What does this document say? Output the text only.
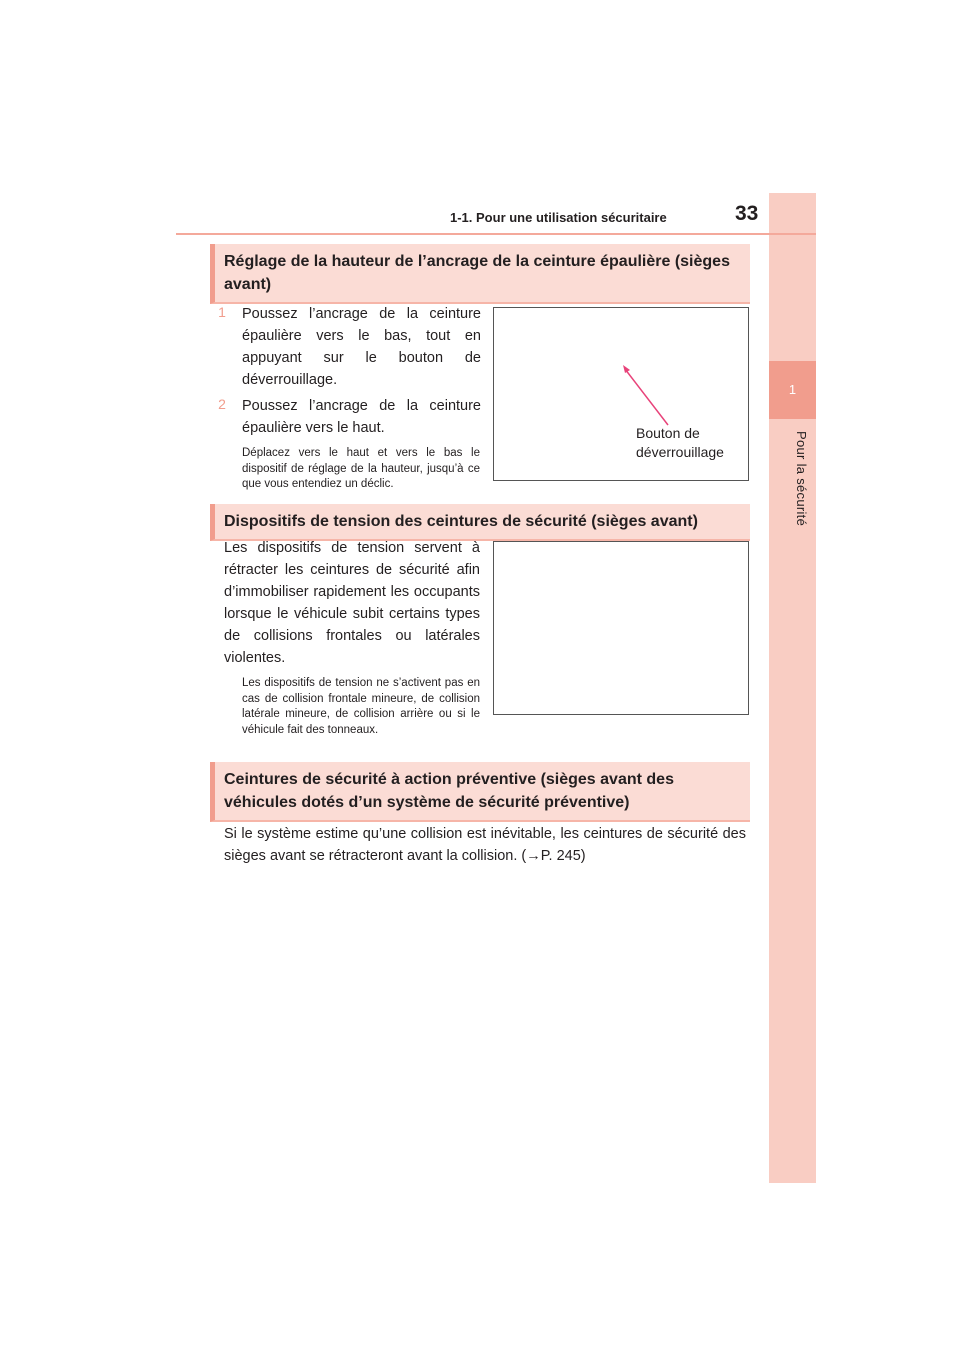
1
Pour la sécurité
1-1. Pour une utilisation sécuritaire	33
Réglage de la hauteur de l’ancrage de la ceinture épaulière (sièges avant)
1	Poussez l’ancrage de la ceinture épaulière vers le bas, tout en appuyant sur le bouton de déverrouillage.
2	Poussez l’ancrage de la ceinture épaulière vers le haut.
Déplacez vers le haut et vers le bas le dispositif de réglage de la hauteur, jusqu’à ce que vous entendiez un déclic.
Bouton de déverrouillage
Dispositifs de tension des ceintures de sécurité (sièges avant)
Les dispositifs de tension servent à rétracter les ceintures de sécurité afin d’immobiliser rapidement les occupants lorsque le véhicule subit certains types de collisions frontales ou latérales violentes.
Les dispositifs de tension ne s’activent pas en cas de collision frontale mineure, de collision latérale mineure, de collision arrière ou si le véhicule fait des tonneaux.
Ceintures de sécurité à action préventive (sièges avant des véhicules dotés d’un système de sécurité préventive)
Si le système estime qu’une collision est inévitable, les ceintures de sécurité des sièges avant se rétracteront avant la collision. (→P. 245)
